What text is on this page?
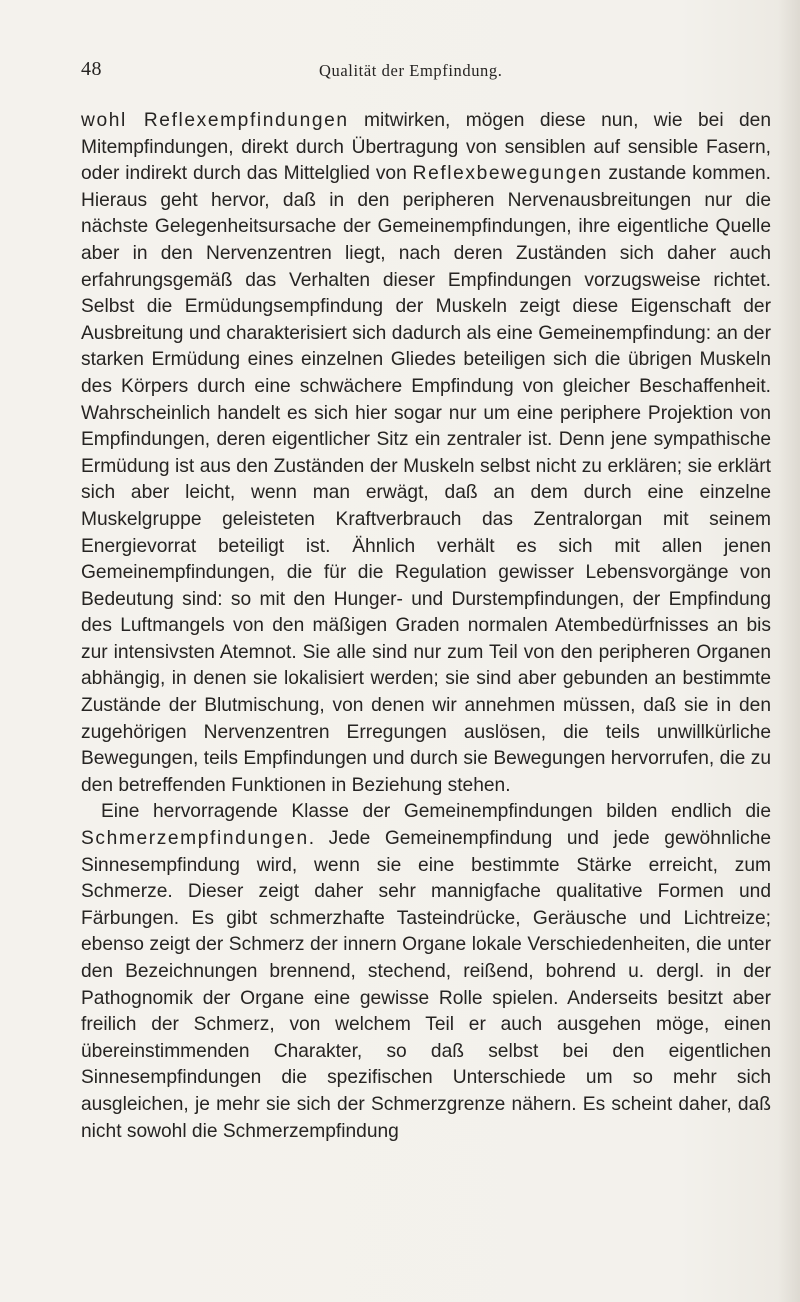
48	Qualität der Empfindung.

wohl Reflexempfindungen mitwirken, mögen diese nun, wie bei den Mitempfindungen, direkt durch Übertragung von sensiblen auf sensible Fasern, oder indirekt durch das Mittelglied von Reflexbewegungen zustande kommen. Hieraus geht hervor, daß in den peripheren Nervenausbreitungen nur die nächste Gelegenheitsursache der Gemeinempfindungen, ihre eigentliche Quelle aber in den Nervenzentren liegt, nach deren Zuständen sich daher auch erfahrungsgemäß das Verhalten dieser Empfindungen vorzugsweise richtet. Selbst die Ermüdungsempfindung der Muskeln zeigt diese Eigenschaft der Ausbreitung und charakterisiert sich dadurch als eine Gemeinempfindung: an der starken Ermüdung eines einzelnen Gliedes beteiligen sich die übrigen Muskeln des Körpers durch eine schwächere Empfindung von gleicher Beschaffenheit. Wahrscheinlich handelt es sich hier sogar nur um eine periphere Projektion von Empfindungen, deren eigentlicher Sitz ein zentraler ist. Denn jene sympathische Ermüdung ist aus den Zuständen der Muskeln selbst nicht zu erklären; sie erklärt sich aber leicht, wenn man erwägt, daß an dem durch eine einzelne Muskelgruppe geleisteten Kraftverbrauch das Zentralorgan mit seinem Energievorrat beteiligt ist. Ähnlich verhält es sich mit allen jenen Gemeinempfindungen, die für die Regulation gewisser Lebensvorgänge von Bedeutung sind: so mit den Hunger- und Durstempfindungen, der Empfindung des Luftmangels von den mäßigen Graden normalen Atembedürfnisses an bis zur intensivsten Atemnot. Sie alle sind nur zum Teil von den peripheren Organen abhängig, in denen sie lokalisiert werden; sie sind aber gebunden an bestimmte Zustände der Blutmischung, von denen wir annehmen müssen, daß sie in den zugehörigen Nervenzentren Erregungen auslösen, die teils unwillkürliche Bewegungen, teils Empfindungen und durch sie Bewegungen hervorrufen, die zu den betreffenden Funktionen in Beziehung stehen.

Eine hervorragende Klasse der Gemeinempfindungen bilden endlich die Schmerzempfindungen. Jede Gemeinempfindung und jede gewöhnliche Sinnesempfindung wird, wenn sie eine bestimmte Stärke erreicht, zum Schmerze. Dieser zeigt daher sehr mannigfache qualitative Formen und Färbungen. Es gibt schmerzhafte Tasteindrücke, Geräusche und Lichtreize; ebenso zeigt der Schmerz der innern Organe lokale Verschiedenheiten, die unter den Bezeichnungen brennend, stechend, reißend, bohrend u. dergl. in der Pathognomik der Organe eine gewisse Rolle spielen. Anderseits besitzt aber freilich der Schmerz, von welchem Teil er auch ausgehen möge, einen übereinstimmenden Charakter, so daß selbst bei den eigentlichen Sinnesempfindungen die spezifischen Unterschiede um so mehr sich ausgleichen, je mehr sie sich der Schmerzgrenze nähern. Es scheint daher, daß nicht sowohl die Schmerzempfindung
